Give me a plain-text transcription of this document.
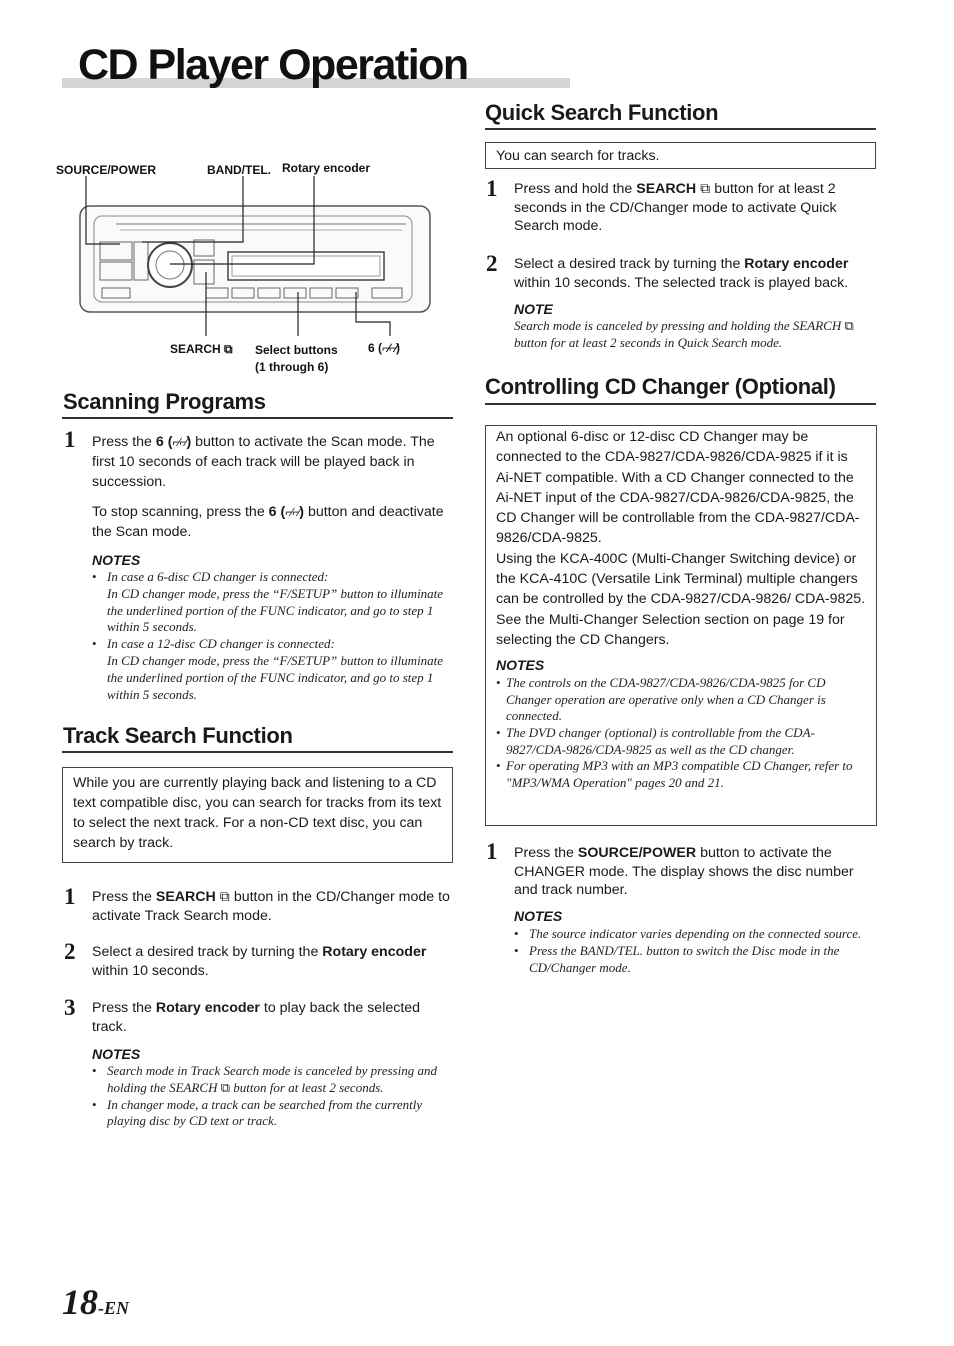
CD Player Operation
SOURCE/POWER	BAND/TEL. Rotary encoder
SEARCH ⧉ Select buttons
(1 through 6)
6 (⌐∕⌐∕)
Scanning Programs
1 Press the 6 (⌐∕⌐∕) button to activate the Scan mode. The first 10 seconds of each track will be played back in succession.
To stop scanning, press the 6 (⌐∕⌐∕) button and deactivate the Scan mode.
NOTES
• In case a 6-disc CD changer is connected:
In CD changer mode, press the “F/SETUP” button to illuminate the underlined portion of the FUNC indicator, and go to step 1 within 5 seconds.
• In case a 12-disc CD changer is connected:
In CD changer mode, press the “F/SETUP” button to illuminate the underlined portion of the FUNC indicator, and go to step 1 within 5 seconds.
Track Search Function
While you are currently playing back and listening to a CD text compatible disc, you can search for tracks from its text to select the next track. For a non-CD text disc, you can search by track.
1 Press the SEARCH ⧉ button in the CD/Changer mode to activate Track Search mode.
2 Select a desired track by turning the Rotary encoder within 10 seconds.
3 Press the Rotary encoder to play back the selected track.
NOTES
• Search mode in Track Search mode is canceled by pressing and holding the SEARCH ⧉ button for at least 2 seconds.
• In changer mode, a track can be searched from the currently playing disc by CD text or track.
Quick Search Function
You can search for tracks.
1 Press and hold the SEARCH ⧉ button for at least 2 seconds in the CD/Changer mode to activate Quick Search mode.
2 Select a desired track by turning the Rotary encoder within 10 seconds. The selected track is played back.
NOTE
Search mode is canceled by pressing and holding the SEARCH ⧉ button for at least 2 seconds in Quick Search mode.
Controlling CD Changer (Optional)
An optional 6-disc or 12-disc CD Changer may be connected to the CDA-9827/CDA-9826/CDA-9825 if it is Ai-NET compatible. With a CD Changer connected to the Ai-NET input of the CDA-9827/CDA-9826/CDA-9825, the CD Changer will be controllable from the CDA-9827/CDA-9826/CDA-9825.
Using the KCA-400C (Multi-Changer Switching device) or the KCA-410C (Versatile Link Terminal) multiple changers can be controlled by the CDA-9827/CDA-9826/ CDA-9825.
See the Multi-Changer Selection section on page 19 for selecting the CD Changers.
NOTES
• The controls on the CDA-9827/CDA-9826/CDA-9825 for CD Changer operation are operative only when a CD Changer is connected.
• The DVD changer (optional) is controllable from the CDA-9827/CDA-9826/CDA-9825 as well as the CD changer.
• For operating MP3 with an MP3 compatible CD Changer, refer to "MP3/WMA Operation" pages 20 and 21.
1 Press the SOURCE/POWER button to activate the CHANGER mode. The display shows the disc number and track number.
NOTES
• The source indicator varies depending on the connected source.
• Press the BAND/TEL. button to switch the Disc mode in the CD/Changer mode.
18-EN
